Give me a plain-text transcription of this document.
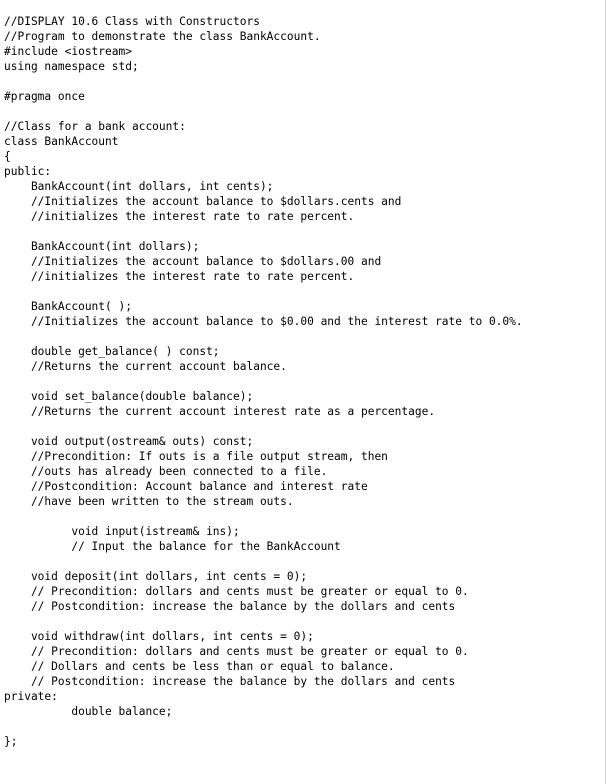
//DISPLAY 10.6 Class with Constructors
//Program to demonstrate the class BankAccount.
#include <iostream>
using namespace std;
#pragma once
//Class for a bank account:
class BankAccount
{
public:
BankAccount(int dollars, int cents);
//Initializes the account balance to $dollars.cents and
//initializes the interest rate to rate percent.
BankAccount(int dollars);
//Initializes the account balance to $dollars.00 and
//initializes the interest rate to rate percent.
BankAccount( );
//Initializes the account balance to $0.00 and the interest rate to 0.0%.
double get_balance( ) const;
//Returns the current account balance.
void set_balance(double balance);
//Returns the current account interest rate as a percentage.
void output(ostream& outs) const;
//Precondition: If outs is a file output stream, then
//outs has already been connected to a file.
//Postcondition: Account balance and interest rate
//have been written to the stream outs.
void input(istream& ins);
// Input the balance for the BankAccount
void deposit(int dollars, int cents = 0);
// Precondition: dollars and cents must be greater or equal to 0.
// Postcondition: increase the balance by the dollars and cents
void withdraw(int dollars, int cents = 0);
// Precondition: dollars and cents must be greater or equal to 0.
// Dollars and cents be less than or equal to balance.
// Postcondition: increase the balance by the dollars and cents
private:
double balance;
};
